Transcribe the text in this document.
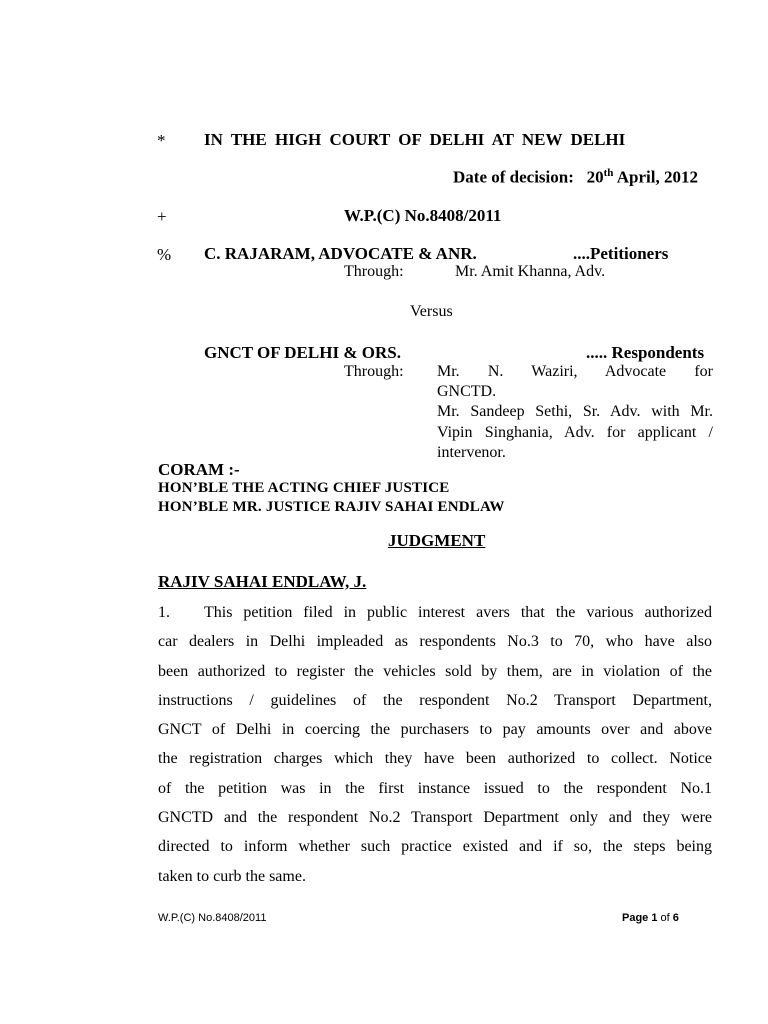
* IN THE HIGH COURT OF DELHI AT NEW DELHI
Date of decision: 20th April, 2012
+	W.P.(C) No.8408/2011
% C. RAJARAM, ADVOCATE & ANR.	....Petitioners
Through:	Mr. Amit Khanna, Adv.
Versus
GNCT OF DELHI & ORS.	..... Respondents
Through: Mr. N. Waziri, Advocate for
GNCTD.
Mr. Sandeep Sethi, Sr. Adv. with Mr.
Vipin Singhania, Adv. for applicant /
intervenor.
CORAM :-
HON’BLE THE ACTING CHIEF JUSTICE
HON’BLE MR. JUSTICE RAJIV SAHAI ENDLAW
JUDGMENT
RAJIV SAHAI ENDLAW, J.
1. This petition filed in public interest avers that the various authorized
car dealers in Delhi impleaded as respondents No.3 to 70, who have also
been authorized to register the vehicles sold by them, are in violation of the
instructions / guidelines of the respondent No.2 Transport Department,
GNCT of Delhi in coercing the purchasers to pay amounts over and above
the registration charges which they have been authorized to collect. Notice
of the petition was in the first instance issued to the respondent No.1
GNCTD and the respondent No.2 Transport Department only and they were
directed to inform whether such practice existed and if so, the steps being
taken to curb the same.
W.P.(C) No.8408/2011	Page 1 of 6
